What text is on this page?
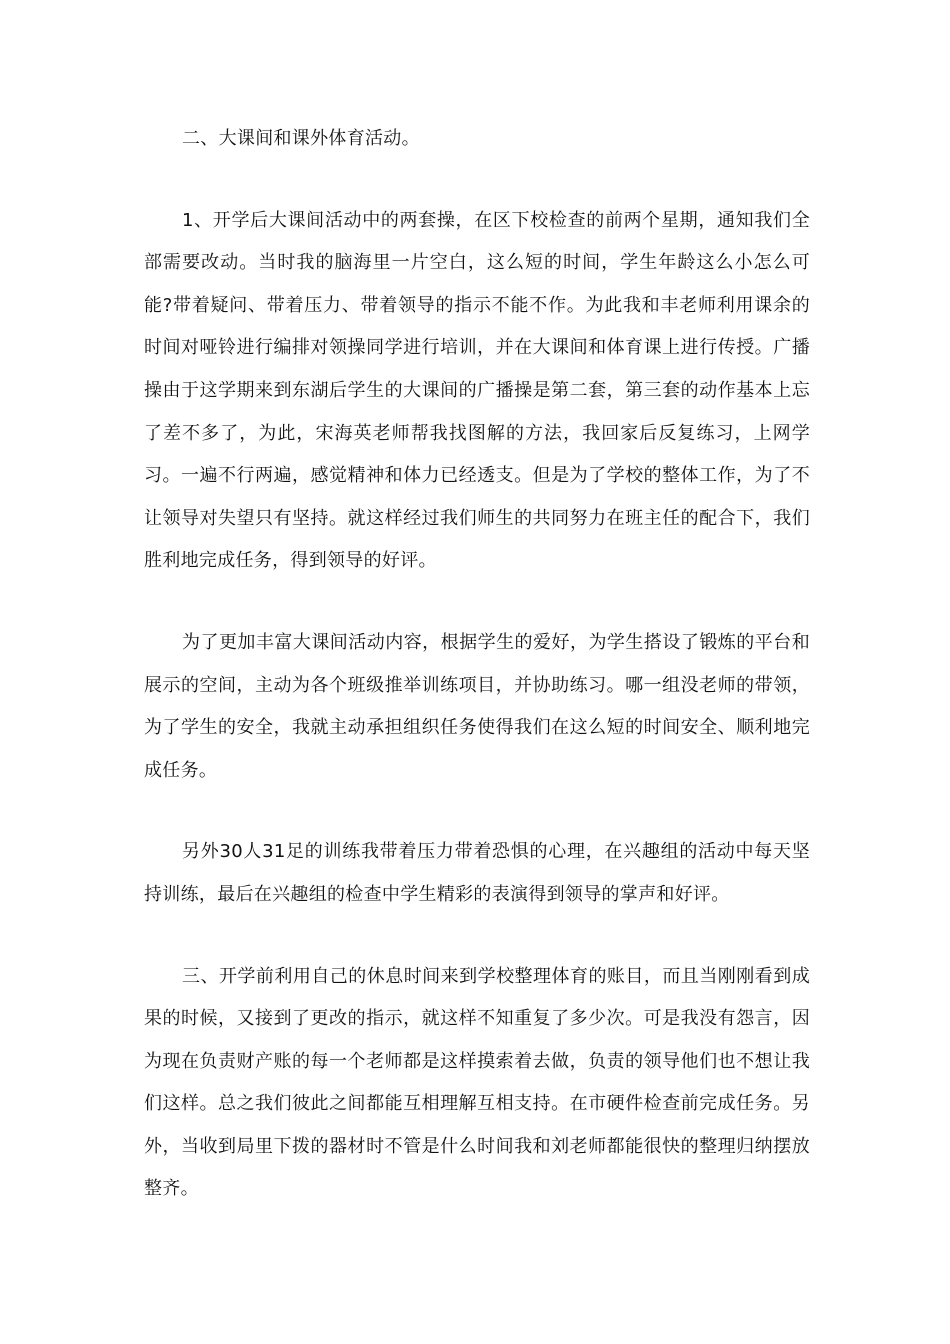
二、大课间和课外体育活动。

1、开学后大课间活动中的两套操，在区下校检查的前两个星期，通知我们全部需要改动。当时我的脑海里一片空白，这么短的时间，学生年龄这么小怎么可能?带着疑问、带着压力、带着领导的指示不能不作。为此我和丰老师利用课余的时间对哑铃进行编排对领操同学进行培训，并在大课间和体育课上进行传授。广播操由于这学期来到东湖后学生的大课间的广播操是第二套，第三套的动作基本上忘了差不多了，为此，宋海英老师帮我找图解的方法，我回家后反复练习，上网学习。一遍不行两遍，感觉精神和体力已经透支。但是为了学校的整体工作，为了不让领导对失望只有坚持。就这样经过我们师生的共同努力在班主任的配合下，我们胜利地完成任务，得到领导的好评。

为了更加丰富大课间活动内容，根据学生的爱好，为学生搭设了锻炼的平台和展示的空间，主动为各个班级推举训练项目，并协助练习。哪一组没老师的带领，为了学生的安全，我就主动承担组织任务使得我们在这么短的时间安全、顺利地完成任务。

另外30人31足的训练我带着压力带着恐惧的心理，在兴趣组的活动中每天坚持训练，最后在兴趣组的检查中学生精彩的表演得到领导的掌声和好评。

三、开学前利用自己的休息时间来到学校整理体育的账目，而且当刚刚看到成果的时候，又接到了更改的指示，就这样不知重复了多少次。可是我没有怨言，因为现在负责财产账的每一个老师都是这样摸索着去做，负责的领导他们也不想让我们这样。总之我们彼此之间都能互相理解互相支持。在市硬件检查前完成任务。另外，当收到局里下拨的器材时不管是什么时间我和刘老师都能很快的整理归纳摆放整齐。
